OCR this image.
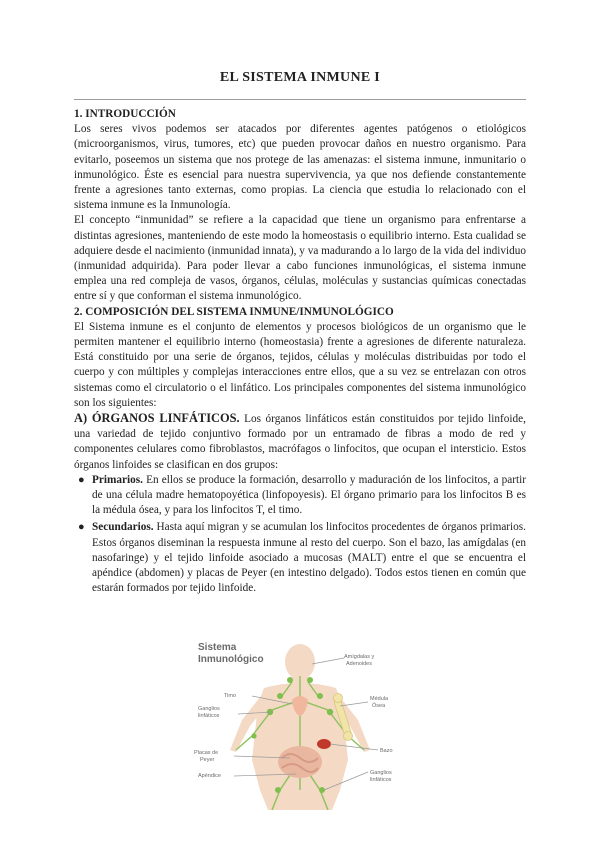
EL SISTEMA INMUNE I

1. INTRODUCCIÓN

Los seres vivos podemos ser atacados por diferentes agentes patógenos o etiológicos (microorganismos, virus, tumores, etc) que pueden provocar daños en nuestro organismo. Para evitarlo, poseemos un sistema que nos protege de las amenazas: el sistema inmune, inmunitario o inmunológico. Éste es esencial para nuestra supervivencia, ya que nos defiende constantemente frente a agresiones tanto externas, como propias. La ciencia que estudia lo relacionado con el sistema inmune es la Inmunología.

El concepto “inmunidad” se refiere a la capacidad que tiene un organismo para enfrentarse a distintas agresiones, manteniendo de este modo la homeostasis o equilibrio interno. Esta cualidad se adquiere desde el nacimiento (inmunidad innata), y va madurando a lo largo de la vida del individuo (inmunidad adquirida). Para poder llevar a cabo funciones inmunológicas, el sistema inmune emplea una red compleja de vasos, órganos, células, moléculas y sustancias químicas conectadas entre sí y que conforman el sistema inmunológico.

2. COMPOSICIÓN DEL SISTEMA INMUNE/INMUNOLÓGICO

El Sistema inmune es el conjunto de elementos y procesos biológicos de un organismo que le permiten mantener el equilibrio interno (homeostasia) frente a agresiones de diferente naturaleza. Está constituido por una serie de órganos, tejidos, células y moléculas distribuidas por todo el cuerpo y con múltiples y complejas interacciones entre ellos, que a su vez se entrelazan con otros sistemas como el circulatorio o el linfático. Los principales componentes del sistema inmunológico son los siguientes:

A) ÓRGANOS LINFÁTICOS. Los órganos linfáticos están constituidos por tejido linfoide, una variedad de tejido conjuntivo formado por un entramado de fibras a modo de red y componentes celulares como fibroblastos, macrófagos o linfocitos, que ocupan el intersticio. Estos órganos linfoides se clasifican en dos grupos:

● Primarios. En ellos se produce la formación, desarrollo y maduración de los linfocitos, a partir de una célula madre hematopoyética (linfopoyesis). El órgano primario para los linfocitos B es la médula ósea, y para los linfocitos T, el timo.
● Secundarios. Hasta aquí migran y se acumulan los linfocitos procedentes de órganos primarios. Estos órganos diseminan la respuesta inmune al resto del cuerpo. Son el bazo, las amígdalas (en nasofaringe) y el tejido linfoide asociado a mucosas (MALT) entre el que se encuentra el apéndice (abdomen) y placas de Peyer (en intestino delgado). Todos estos tienen en común que estarán formados por tejido linfoide.
Sistema
Inmunológico	Amígdalas y
Adenoides
Timo
Ganglios
linfáticos
Médula
Ósea
Bazo
Placas de
Peyer
Apéndice	Ganglios
linfáticos
